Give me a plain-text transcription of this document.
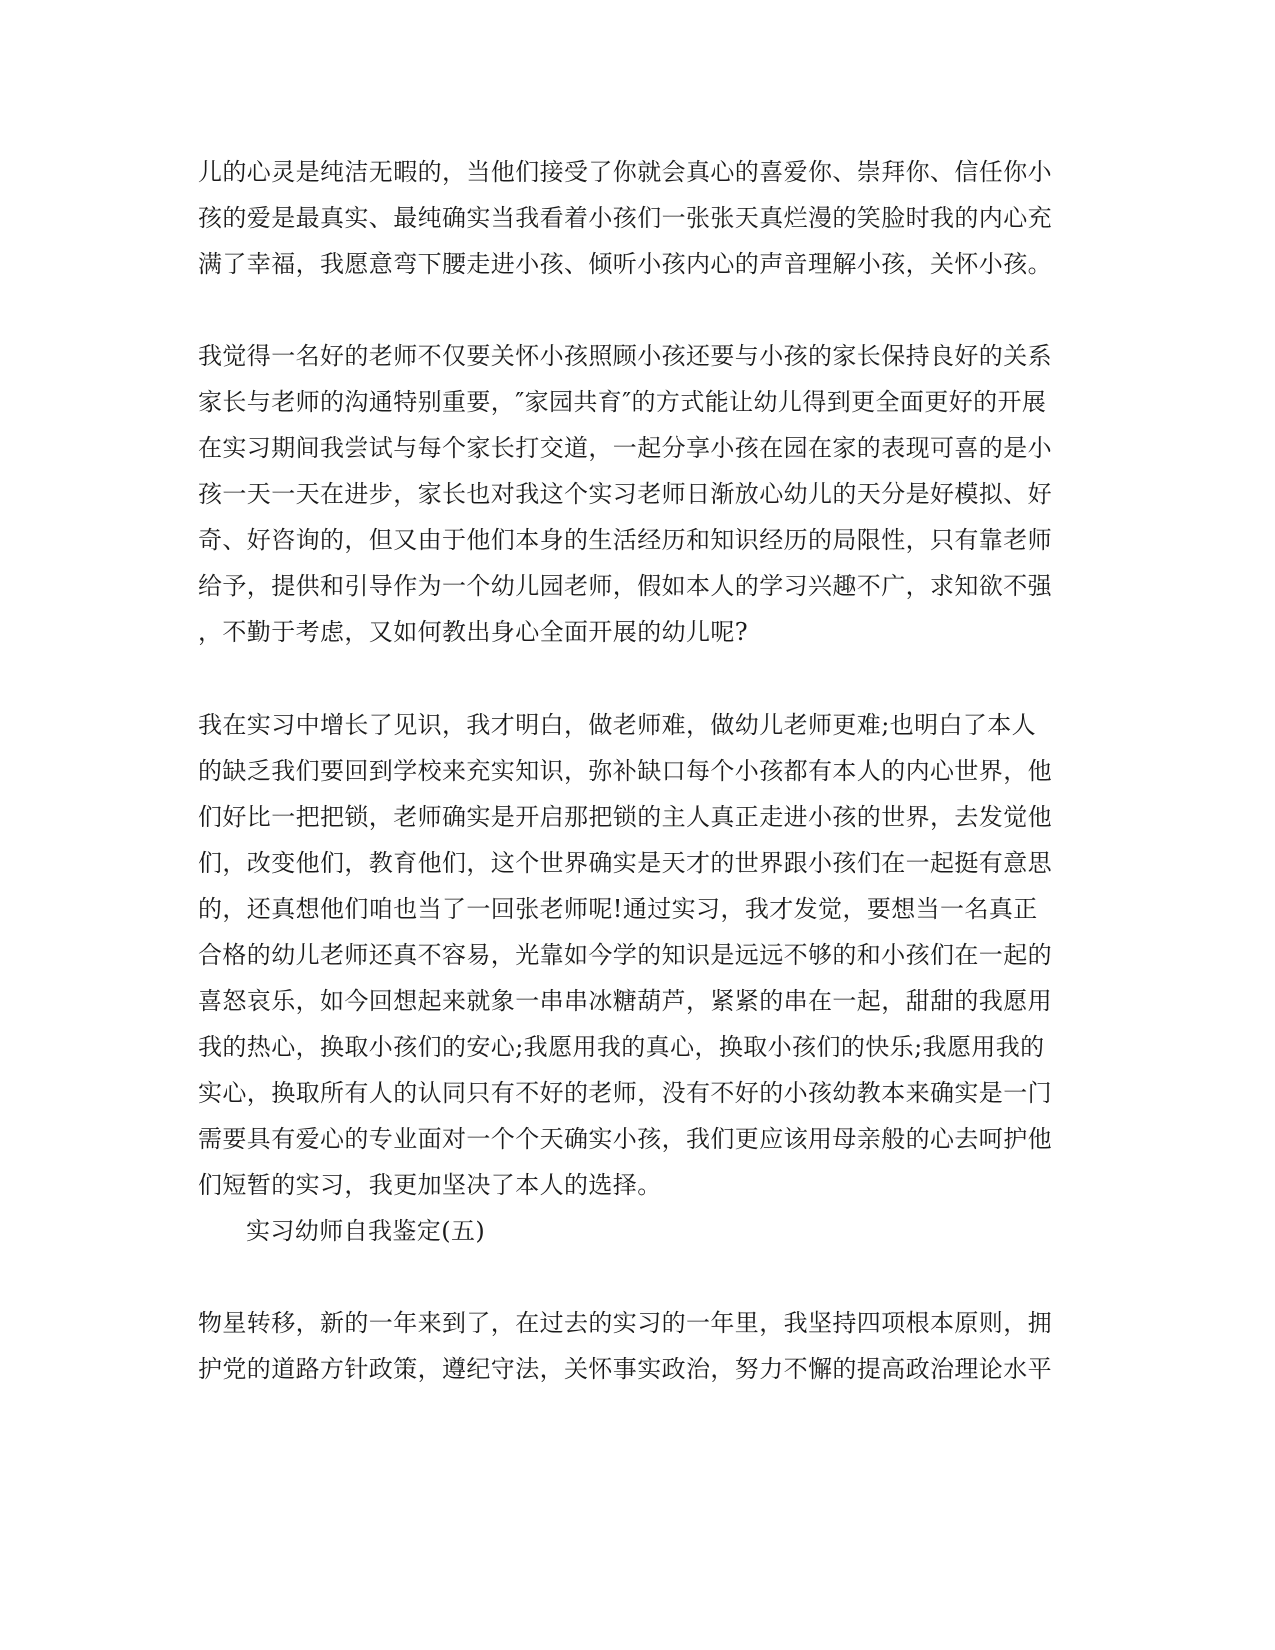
儿的心灵是纯洁无暇的，当他们接受了你就会真心的喜爱你、崇拜你、信任你小
孩的爱是最真实、最纯确实当我看着小孩们一张张天真烂漫的笑脸时我的内心充
满了幸福，我愿意弯下腰走进小孩、倾听小孩内心的声音理解小孩，关怀小孩。
我觉得一名好的老师不仅要关怀小孩照顾小孩还要与小孩的家长保持良好的关系
家长与老师的沟通特别重要，″家园共育″的方式能让幼儿得到更全面更好的开展
在实习期间我尝试与每个家长打交道，一起分享小孩在园在家的表现可喜的是小
孩一天一天在进步，家长也对我这个实习老师日渐放心幼儿的天分是好模拟、好
奇、好咨询的，但又由于他们本身的生活经历和知识经历的局限性，只有靠老师
给予，提供和引导作为一个幼儿园老师，假如本人的学习兴趣不广，求知欲不强
，不勤于考虑，又如何教出身心全面开展的幼儿呢?
我在实习中增长了见识，我才明白，做老师难，做幼儿老师更难;也明白了本人
的缺乏我们要回到学校来充实知识，弥补缺口每个小孩都有本人的内心世界，他
们好比一把把锁，老师确实是开启那把锁的主人真正走进小孩的世界，去发觉他
们，改变他们，教育他们，这个世界确实是天才的世界跟小孩们在一起挺有意思
的，还真想他们咱也当了一回张老师呢!通过实习，我才发觉，要想当一名真正
合格的幼儿老师还真不容易，光靠如今学的知识是远远不够的和小孩们在一起的
喜怒哀乐，如今回想起来就象一串串冰糖葫芦，紧紧的串在一起，甜甜的我愿用
我的热心，换取小孩们的安心;我愿用我的真心，换取小孩们的快乐;我愿用我的
实心，换取所有人的认同只有不好的老师，没有不好的小孩幼教本来确实是一门
需要具有爱心的专业面对一个个天确实小孩，我们更应该用母亲般的心去呵护他
们短暂的实习，我更加坚决了本人的选择。
实习幼师自我鉴定(五)
物星转移，新的一年来到了，在过去的实习的一年里，我坚持四项根本原则，拥
护党的道路方针政策，遵纪守法，关怀事实政治，努力不懈的提高政治理论水平
